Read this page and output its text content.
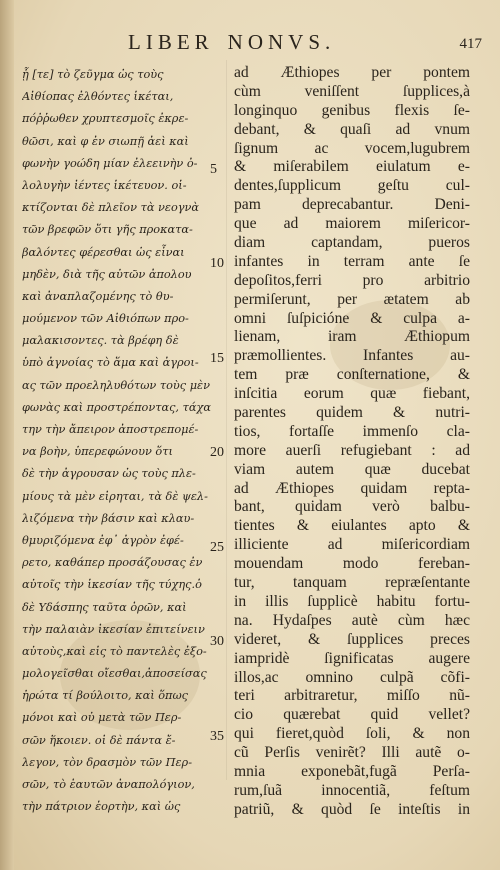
LIBER NONVS.	417
ᾗ [τε] τὸ ζεῦγμα ὡς τοὺς
Αἰθίοπας ἐλθόντες ἱκέται,
πόῤῥωθεν χρυπτεσμοῖς ἐκρε-
θῶσι, καὶ φ ἐν σιωπῇ ἀεὶ καὶ
φωνὴν γοώδη μίαν ἐλεεινὴν ὀ-
λολυγὴν ἱέντες ἱκέτευον. οἱ-
κτίζονται δὲ πλεῖον τὰ νεογνὰ
τῶν βρεφῶν ὅτι γῆς προκατα-
βαλόντες φέρεσθαι ὡς εἶναι
μηδὲν, διὰ τῆς αὐτῶν ἀπολου
καὶ ἀναπλαζομένης τὸ θυ-
μούμενον τῶν Αἰθιόπων προ-
μαλακισοντες. τὰ βρέφη δὲ
ὑπὸ ἀγνοίας τὸ ἅμα καὶ ἀγροι-
ας τῶν προεληλυθότων τοὺς μὲν
φωνὰς καὶ προστρέποντας, τάχα
την τὴν ἄπειρον ἀποστρεπομέ-
να βοὴν, ὑπερεφώνουν ὅτι
δὲ τὴν ἀγρουσαν ὡς τοὺς πλε-
μίους τὰ μὲν εἰρηται, τὰ δὲ ψελ-
λιζόμενα τὴν βάσιν καὶ κλαυ-
θμυριζόμενα ἐφ᾽ ἀγρὸν ἐφέ-
ρετο, καθάπερ προσάζουσας ἐν
αὐτοῖς τὴν ἱκεσίαν τῆς τύχης.ὁ
δὲ Υδάσπης ταῦτα ὁρῶν, καὶ
τὴν παλαιὰν ἱκεσίαν ἐπιτείνειν
αὐτοὺς,καὶ εἰς τὸ παντελὲς ἐξο-
μολογεῖσθαι οἴεσθαι,ἀποσείσας
ἠρώτα τί βούλοιτο, καὶ ὅπως
μόνοι καὶ οὐ μετὰ τῶν Περ-
σῶν ἥκοιεν. οἱ δὲ πάντα ἔ-
λεγον, τὸν δρασμὸν τῶν Περ-
σῶν, τὸ ἑαυτῶν ἀναπολόγιον,
τὴν πάτριον ἑορτὴν, καὶ ὡς
5
10
15
20
25
30
35
ad Æthiopes per pontem
cùm veniſſent ſupplices,à
longinquo genibus flexis ſe-
debant, & quaſi ad vnum
ſignum ac vocem,lugubrem
& miſerabilem eiulatum e-
dentes,ſupplicum geſtu cul-
pam deprecabantur. Deni-
que ad maiorem miſericor-
diam captandam, pueros
infantes in terram ante ſe
depoſitos,ferri pro arbitrio
permiſerunt, per ætatem ab
omni ſuſpicióne & culpa a-
lienam, iram Æthiopum
præmollientes. Infantes au-
tem præ conſternatione, &
inſcitia eorum quæ fiebant,
parentes quidem & nutri-
tios, fortaſſe immenſo cla-
more auerſi refugiebant : ad
viam autem quæ ducebat
ad Æthiopes quidam repta-
bant, quidam verò balbu-
tientes & eiulantes apto &
illiciente ad miſericordiam
mouendam modo fereban-
tur, tanquam repræſentante
in illis ſupplicè habitu fortu-
na. Hydaſpes autè cùm hæc
videret, & ſupplices preces
iampridè ſignificatas augere
illos,ac omnino culpã cõfi-
teri arbitraretur, miſſo nũ-
cio quærebat quid vellet?
qui fieret,quòd ſoli, & non
cũ Perſis venirẽt? Illi autẽ o-
mnia exponebãt,fugã Perſa-
rum,ſuã innocentiã, feſtum
patriũ, & quòd ſe inteſtis in
